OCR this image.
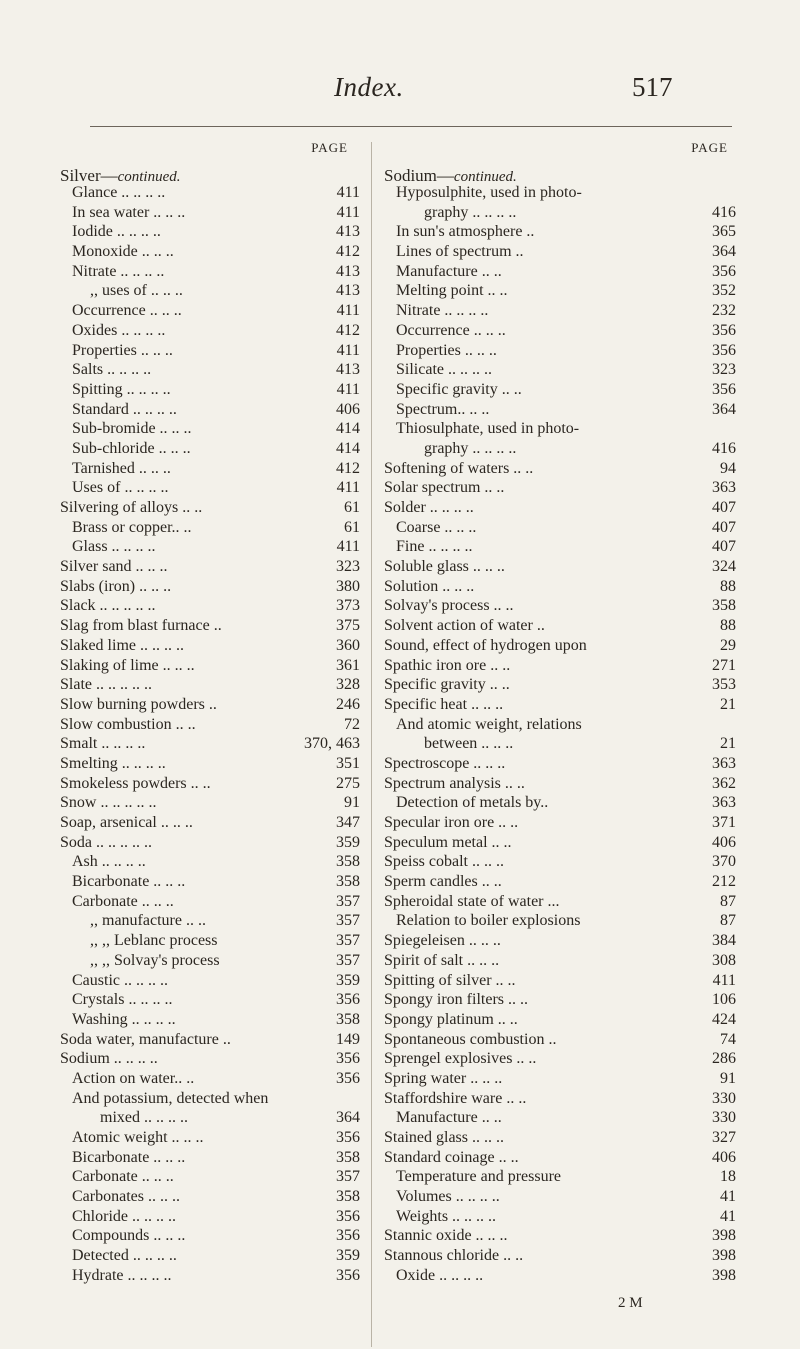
Index.	517
PAGE
Silver—continued.
Glance .. .. .. ..	411
In sea water .. .. ..	411
Iodide .. .. .. ..	413
Monoxide .. .. ..	412
Nitrate .. .. .. ..	413
,, uses of .. .. ..	413
Occurrence .. .. ..	411
Oxides .. .. .. ..	412
Properties .. .. ..	411
Salts .. .. .. ..	413
Spitting .. .. .. ..	411
Standard .. .. .. ..	406
Sub-bromide .. .. ..	414
Sub-chloride .. .. ..	414
Tarnished .. .. ..	412
Uses of .. .. .. ..	411
Silvering of alloys .. ..	61
Brass or copper.. ..	61
Glass .. .. .. ..	411
Silver sand .. .. ..	323
Slabs (iron) .. .. ..	380
Slack .. .. .. .. ..	373
Slag from blast furnace ..	375
Slaked lime .. .. .. ..	360
Slaking of lime .. .. ..	361
Slate .. .. .. .. ..	328
Slow burning powders ..	246
Slow combustion .. ..	72
Smalt .. .. .. ..	370, 463
Smelting .. .. .. ..	351
Smokeless powders .. ..	275
Snow .. .. .. .. ..	91
Soap, arsenical .. .. ..	347
Soda .. .. .. .. ..	359
Ash .. .. .. ..	358
Bicarbonate .. .. ..	358
Carbonate .. .. ..	357
,, manufacture .. ..	357
,, ,, Leblanc process	357
,, ,, Solvay's process	357
Caustic .. .. .. ..	359
Crystals .. .. .. ..	356
Washing .. .. .. ..	358
Soda water, manufacture ..	149
Sodium .. .. .. ..	356
Action on water.. ..	356
And potassium, detected when
mixed .. .. .. ..	364
Atomic weight .. .. ..	356
Bicarbonate .. .. ..	358
Carbonate .. .. ..	357
Carbonates .. .. ..	358
Chloride .. .. .. ..	356
Compounds .. .. ..	356
Detected .. .. .. ..	359
Hydrate .. .. .. ..	356
PAGE
Sodium—continued.
Hyposulphite, used in photo-
graphy .. .. .. ..	416
In sun's atmosphere ..	365
Lines of spectrum ..	364
Manufacture .. ..	356
Melting point .. ..	352
Nitrate .. .. .. ..	232
Occurrence .. .. ..	356
Properties .. .. ..	356
Silicate .. .. .. ..	323
Specific gravity .. ..	356
Spectrum.. .. ..	364
Thiosulphate, used in photo-
graphy .. .. .. ..	416
Softening of waters .. ..	94
Solar spectrum .. ..	363
Solder .. .. .. ..	407
Coarse .. .. ..	407
Fine .. .. .. ..	407
Soluble glass .. .. ..	324
Solution .. .. ..	88
Solvay's process .. ..	358
Solvent action of water ..	88
Sound, effect of hydrogen upon	29
Spathic iron ore .. ..	271
Specific gravity .. ..	353
Specific heat .. .. ..	21
And atomic weight, relations
between .. .. ..	21
Spectroscope .. .. ..	363
Spectrum analysis .. ..	362
Detection of metals by..	363
Specular iron ore .. ..	371
Speculum metal .. ..	406
Speiss cobalt .. .. ..	370
Sperm candles .. ..	212
Spheroidal state of water ...	87
Relation to boiler explosions	87
Spiegeleisen .. .. ..	384
Spirit of salt .. .. ..	308
Spitting of silver .. ..	411
Spongy iron filters .. ..	106
Spongy platinum .. ..	424
Spontaneous combustion ..	74
Sprengel explosives .. ..	286
Spring water .. .. ..	91
Staffordshire ware .. ..	330
Manufacture .. ..	330
Stained glass .. .. ..	327
Standard coinage .. ..	406
Temperature and pressure	18
Volumes .. .. .. ..	41
Weights .. .. .. ..	41
Stannic oxide .. .. ..	398
Stannous chloride .. ..	398
Oxide .. .. .. ..	398
2 M
